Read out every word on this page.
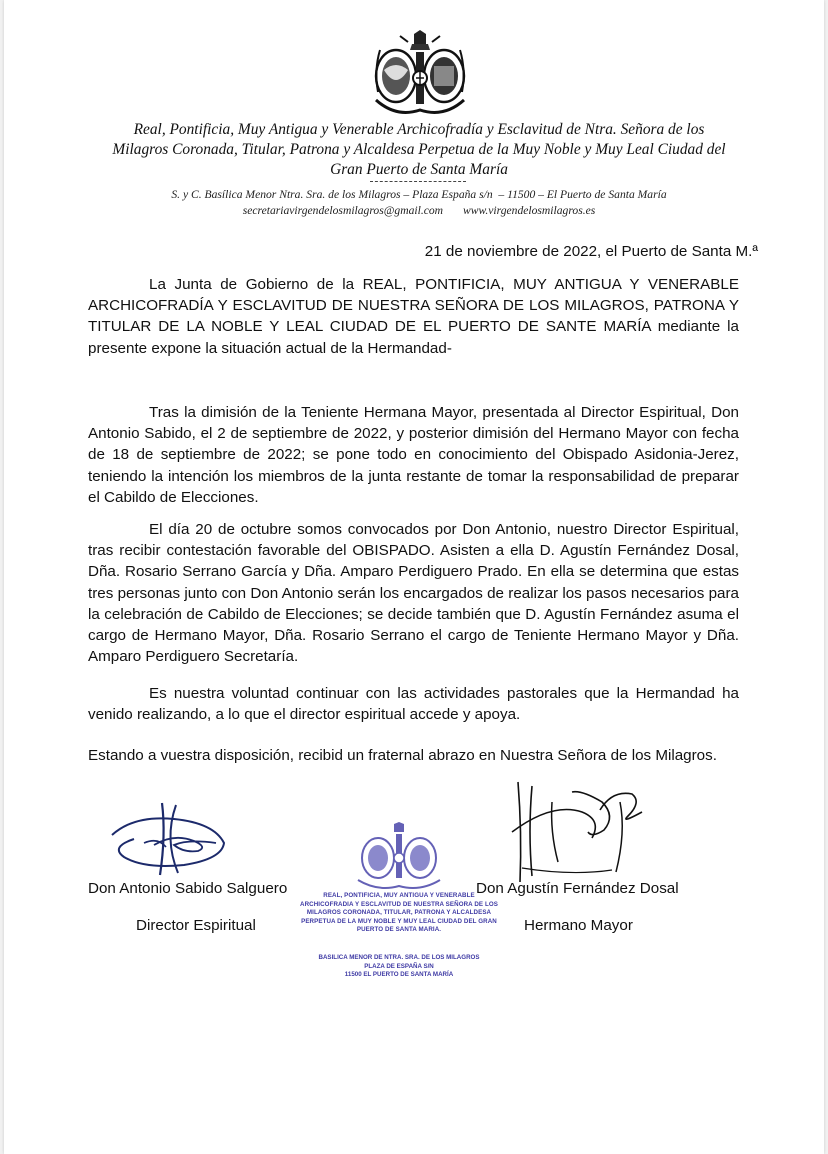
Real, Pontificia, Muy Antigua y Venerable Archicofradía y Esclavitud de Ntra. Señora de los
Milagros Coronada, Titular, Patrona y Alcaldesa Perpetua de la Muy Noble y Muy Leal Ciudad del
Gran Puerto de Santa María
S. y C. Basílica Menor Ntra. Sra. de los Milagros – Plaza España s/n  – 11500 – El Puerto de Santa María
secretariavirgendelosmilagros@gmail.com www.virgendelosmilagros.es
21 de noviembre de 2022, el Puerto de Santa M.ª

La Junta de Gobierno de la REAL, PONTIFICIA, MUY ANTIGUA Y VENERABLE ARCHICOFRADÍA Y ESCLAVITUD DE NUESTRA SEÑORA DE LOS MILAGROS, PATRONA Y TITULAR DE LA NOBLE Y LEAL CIUDAD DE EL PUERTO DE SANTE MARÍA mediante la presente expone la situación actual de la Hermandad-

Tras la dimisión de la Teniente Hermana Mayor, presentada al Director Espiritual, Don Antonio Sabido, el 2 de septiembre de 2022, y posterior dimisión del Hermano Mayor con fecha de 18 de septiembre de 2022; se pone todo en conocimiento del Obispado Asidonia-Jerez, teniendo la intención los miembros de la junta restante de tomar la responsabilidad de preparar el Cabildo de Elecciones.

El día 20 de octubre somos convocados por Don Antonio, nuestro Director Espiritual, tras recibir contestación favorable del OBISPADO. Asisten a ella D. Agustín Fernández Dosal, Dña. Rosario Serrano García y Dña. Amparo Perdiguero Prado. En ella se determina que estas tres personas junto con Don Antonio serán los encargados de realizar los pasos necesarios para la celebración de Cabildo de Elecciones; se decide también que D. Agustín Fernández asuma el cargo de Hermano Mayor, Dña. Rosario Serrano el cargo de Teniente Hermano Mayor y Dña. Amparo Perdiguero Secretaría.

Es nuestra voluntad continuar con las actividades pastorales que la Hermandad ha venido realizando, a lo que el director espiritual accede y apoya.

Estando a vuestra disposición, recibid un fraternal abrazo en Nuestra Señora de los Milagros.

Don Antonio Sabido Salguero
Director Espiritual
Don Agustín Fernández Dosal
Hermano Mayor
REAL, PONTIFICIA, MUY ANTIGUA Y VENERABLE
ARCHICOFRADIA Y ESCLAVITUD DE NUESTRA SEÑORA DE LOS
MILAGROS CORONADA, TITULAR, PATRONA Y ALCALDESA
PERPETUA DE LA MUY NOBLE Y MUY LEAL CIUDAD DEL GRAN
PUERTO DE SANTA MARIA.
BASILICA MENOR DE NTRA. SRA. DE LOS MILAGROS
PLAZA DE ESPAÑA S/N
11500 EL PUERTO DE SANTA MARÍA
